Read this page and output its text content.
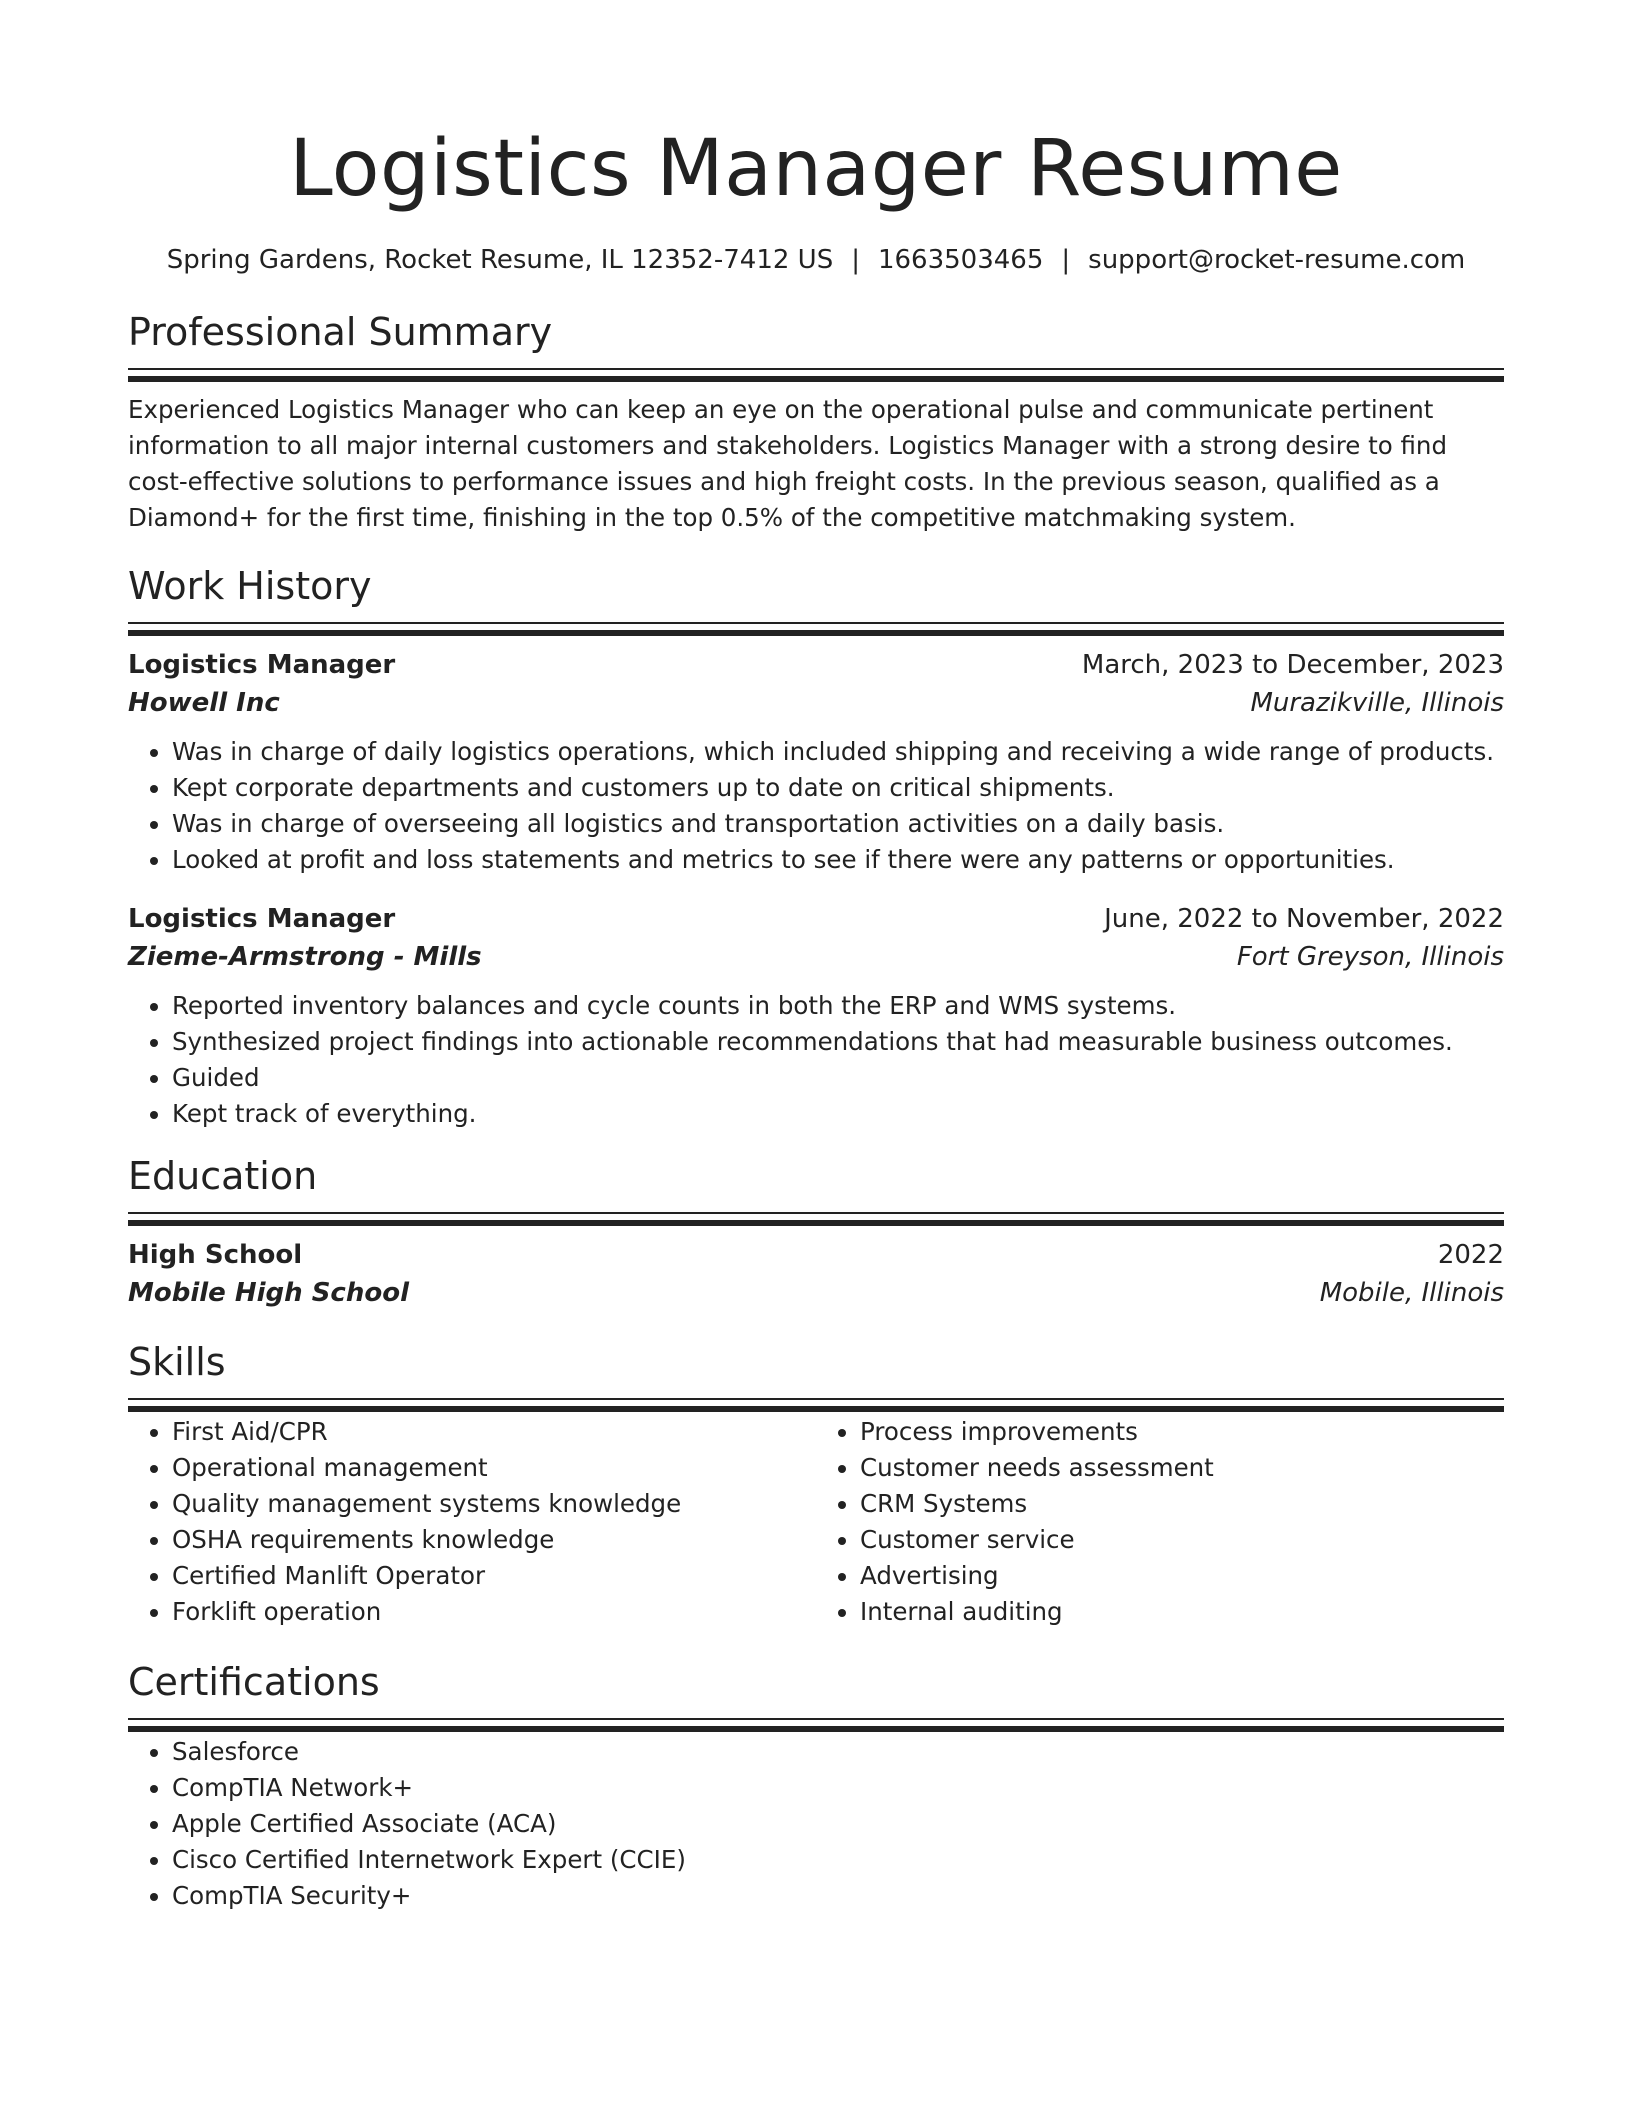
Logistics Manager Resume
Spring Gardens, Rocket Resume, IL 12352-7412 US | 1663503465 | support@rocket-resume.com
Professional Summary

Experienced Logistics Manager who can keep an eye on the operational pulse and communicate pertinent information to all major internal customers and stakeholders. Logistics Manager with a strong desire to find cost-effective solutions to performance issues and high freight costs. In the previous season, qualified as a Diamond+ for the first time, finishing in the top 0.5% of the competitive matchmaking system.

Work History
Logistics Manager	March, 2023 to December, 2023
Howell Inc	Murazikville, Illinois
• Was in charge of daily logistics operations, which included shipping and receiving a wide range of products.
• Kept corporate departments and customers up to date on critical shipments.
• Was in charge of overseeing all logistics and transportation activities on a daily basis.
• Looked at profit and loss statements and metrics to see if there were any patterns or opportunities.
Logistics Manager	June, 2022 to November, 2022
Zieme-Armstrong - Mills	Fort Greyson, Illinois
• Reported inventory balances and cycle counts in both the ERP and WMS systems.
• Synthesized project findings into actionable recommendations that had measurable business outcomes.
• Guided
• Kept track of everything.
Education
High School	2022
Mobile High School	Mobile, Illinois
Skills
• First Aid/CPR
• Operational management
• Quality management systems knowledge
• OSHA requirements knowledge
• Certified Manlift Operator
• Forklift operation
• Process improvements
• Customer needs assessment
• CRM Systems
• Customer service
• Advertising
• Internal auditing
Certifications
• Salesforce
• CompTIA Network+
• Apple Certified Associate (ACA)
• Cisco Certified Internetwork Expert (CCIE)
• CompTIA Security+
